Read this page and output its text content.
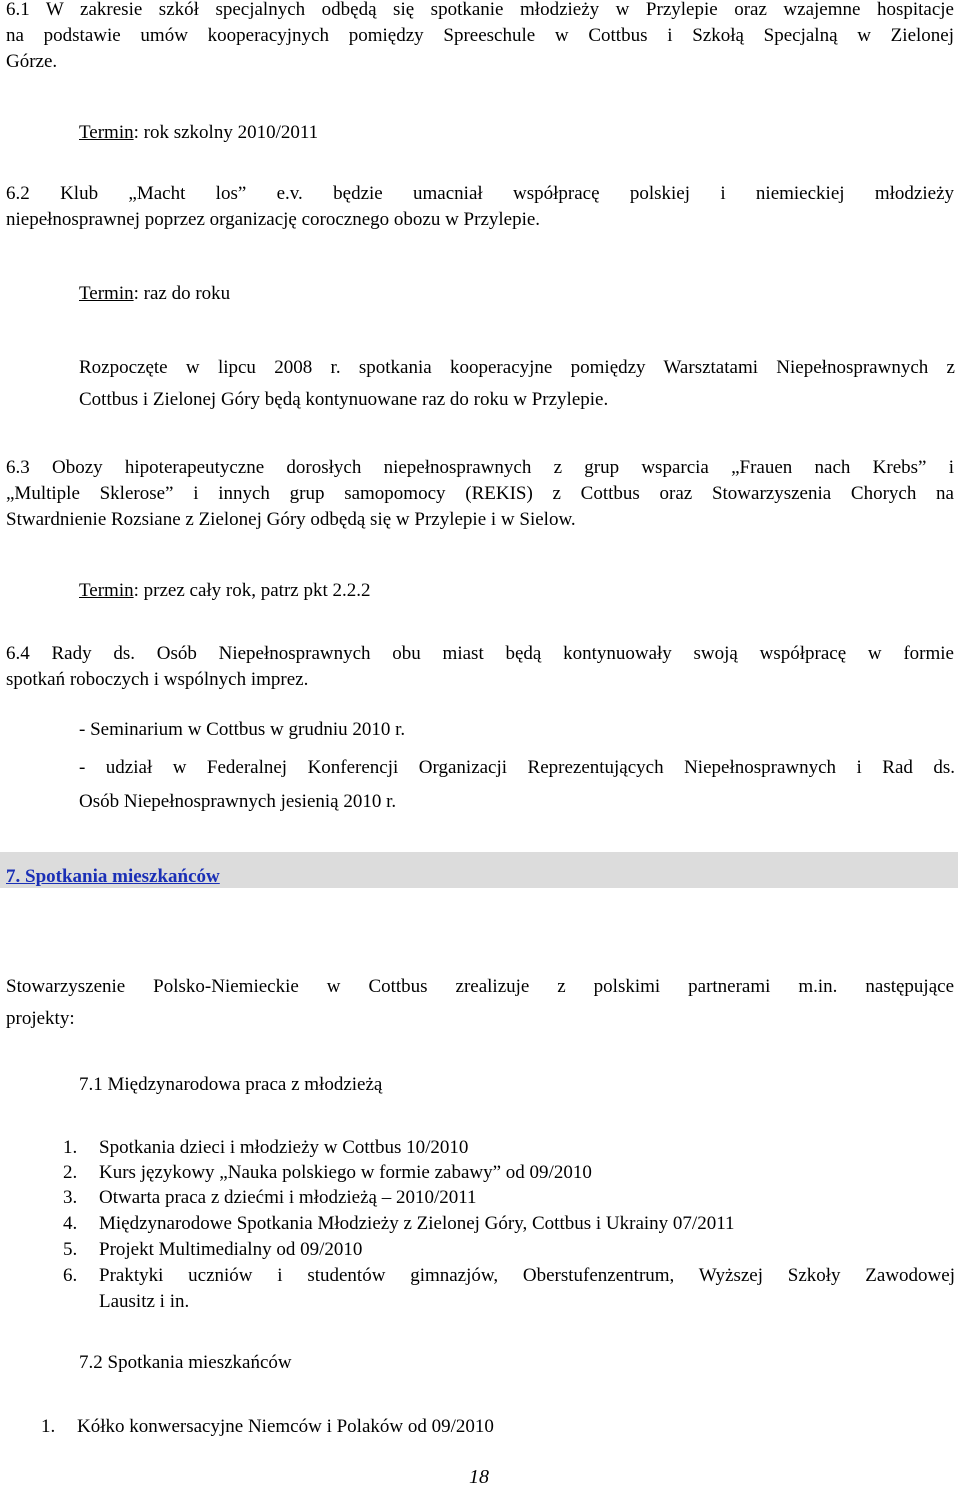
6.1 W zakresie szkół specjalnych odbędą się spotkanie młodzieży w Przylepie oraz wzajemne hospitacje
na podstawie umów kooperacyjnych pomiędzy Spreeschule w Cottbus i Szkołą Specjalną w Zielonej
Górze.
Termin: rok szkolny 2010/2011
6.2 Klub „Macht los” e.v. będzie umacniał współpracę polskiej i niemieckiej młodzieży
niepełnosprawnej poprzez organizację corocznego obozu w Przylepie.
Termin: raz do roku
Rozpoczęte w lipcu 2008 r. spotkania kooperacyjne pomiędzy Warsztatami Niepełnosprawnych z
Cottbus i Zielonej Góry będą kontynuowane raz do roku w Przylepie.
6.3 Obozy hipoterapeutyczne dorosłych niepełnosprawnych z grup wsparcia „Frauen nach Krebs” i
„Multiple Sklerose” i innych grup samopomocy (REKIS) z Cottbus oraz Stowarzyszenia Chorych na
Stwardnienie Rozsiane z Zielonej Góry odbędą się w Przylepie i w Sielow.
Termin: przez cały rok, patrz pkt 2.2.2
6.4 Rady ds. Osób Niepełnosprawnych obu miast będą kontynuowały swoją współpracę w formie
spotkań roboczych i wspólnych imprez.
- Seminarium w Cottbus w grudniu 2010 r.
- udział w Federalnej Konferencji Organizacji Reprezentujących Niepełnosprawnych i Rad ds.
Osób Niepełnosprawnych jesienią 2010 r.
7. Spotkania mieszkańców
Stowarzyszenie Polsko-Niemieckie w Cottbus zrealizuje z polskimi partnerami m.in. następujące
projekty:
7.1 Międzynarodowa praca z młodzieżą
1. Spotkania dzieci i młodzieży w Cottbus 10/2010
2. Kurs językowy „Nauka polskiego w formie zabawy” od 09/2010
3. Otwarta praca z dziećmi i młodzieżą – 2010/2011
4. Międzynarodowe Spotkania Młodzieży z Zielonej Góry, Cottbus i Ukrainy 07/2011
5. Projekt Multimedialny od 09/2010
6. Praktyki uczniów i studentów gimnazjów, Oberstufenzentrum, Wyższej Szkoły Zawodowej
Lausitz i in.
7.2 Spotkania mieszkańców
1. Kółko konwersacyjne Niemców i Polaków od 09/2010
18
